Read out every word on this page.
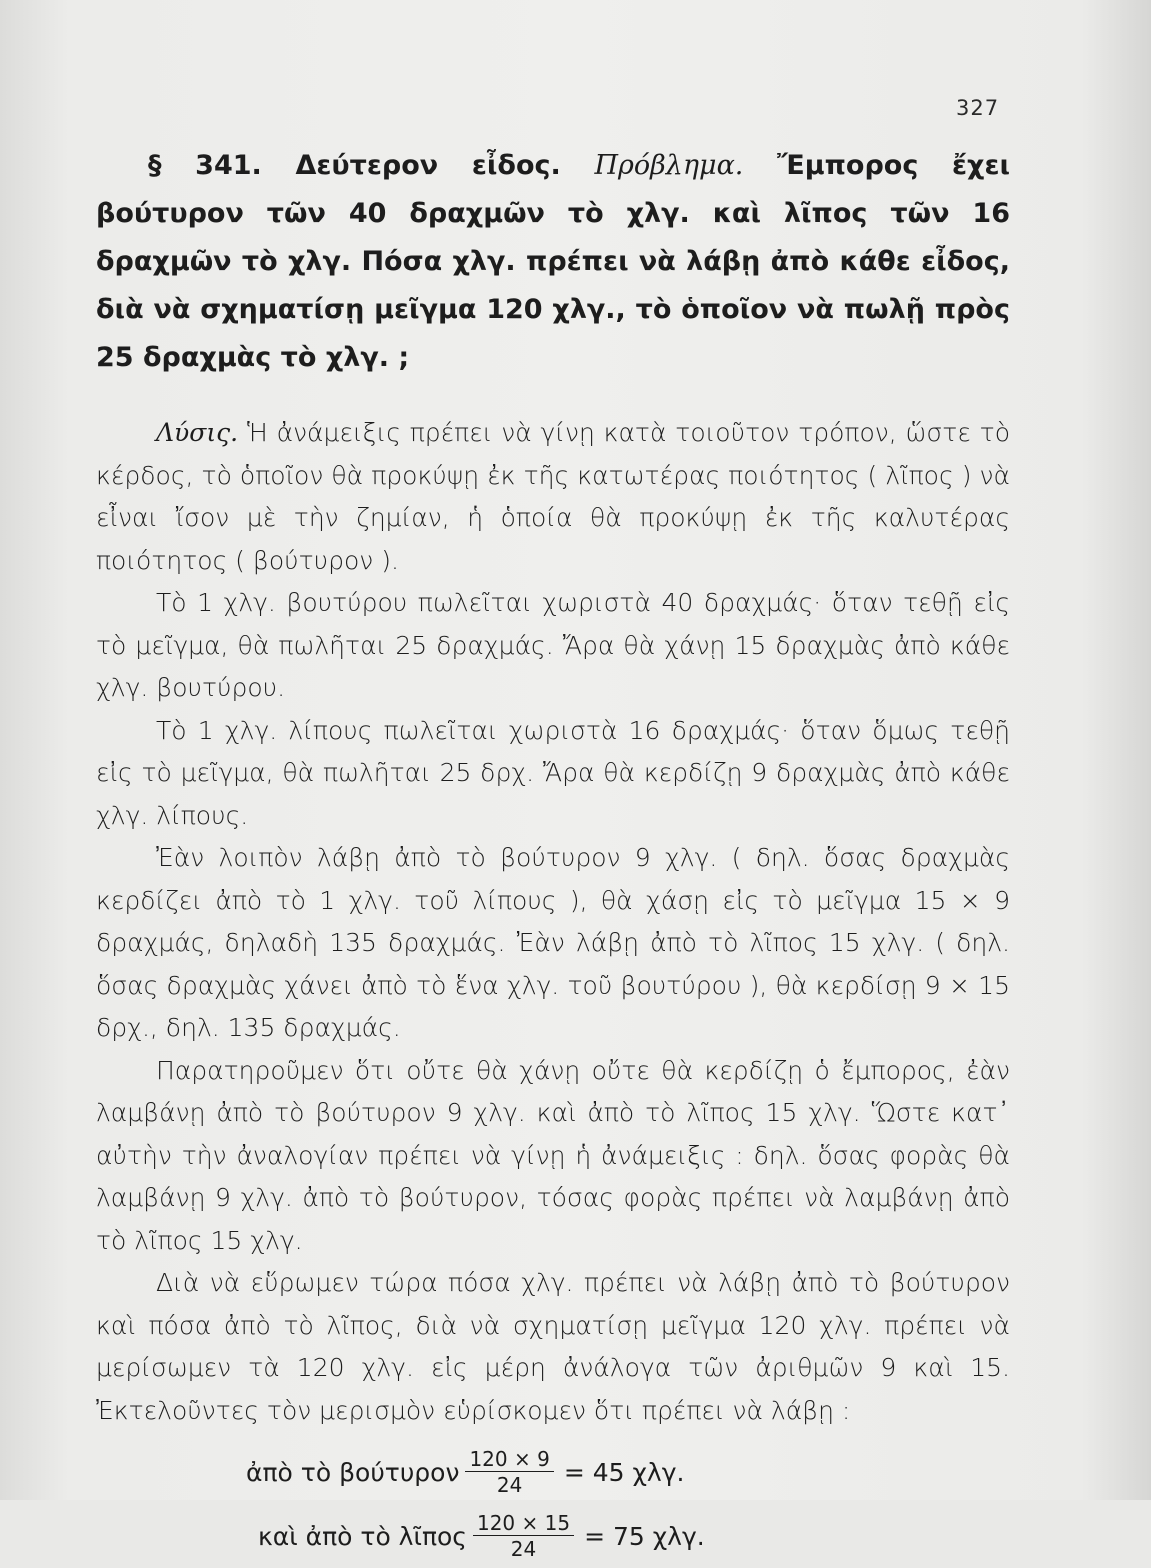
327

§ 341. Δεύτερον εἶδος. Πρόβλημα. Ἔμπορος ἔχει βούτυρον τῶν 40 δραχμῶν τὸ χλγ. καὶ λῖπος τῶν 16 δραχμῶν τὸ χλγ. Πόσα χλγ. πρέπει νὰ λάβῃ ἀπὸ κάθε εἶδος, διὰ νὰ σχηματίσῃ μεῖγμα 120 χλγ., τὸ ὁποῖον νὰ πωλῇ πρὸς 25 δραχμὰς τὸ χλγ. ;

Λύσις. Ἡ ἀνάμειξις πρέπει νὰ γίνῃ κατὰ τοιοῦτον τρόπον, ὥστε τὸ κέρδος, τὸ ὁποῖον θὰ προκύψῃ ἐκ τῆς κατωτέρας ποιότητος ( λῖπος ) νὰ εἶναι ἴσον μὲ τὴν ζημίαν, ἡ ὁποία θὰ προκύψῃ ἐκ τῆς καλυτέρας ποιότητος ( βούτυρον ).

Τὸ 1 χλγ. βουτύρου πωλεῖται χωριστὰ 40 δραχμάς· ὅταν τεθῇ εἰς τὸ μεῖγμα, θὰ πωλῆται 25 δραχμάς. Ἄρα θὰ χάνῃ 15 δραχμὰς ἀπὸ κάθε χλγ. βουτύρου.

Τὸ 1 χλγ. λίπους πωλεῖται χωριστὰ 16 δραχμάς· ὅταν ὅμως τεθῇ εἰς τὸ μεῖγμα, θὰ πωλῆται 25 δρχ. Ἄρα θὰ κερδίζῃ 9 δραχμὰς ἀπὸ κάθε χλγ. λίπους.

Ἐὰν λοιπὸν λάβῃ ἀπὸ τὸ βούτυρον 9 χλγ. ( δηλ. ὅσας δραχμὰς κερδίζει ἀπὸ τὸ 1 χλγ. τοῦ λίπους ), θὰ χάσῃ εἰς τὸ μεῖγμα 15 × 9 δραχμάς, δηλαδὴ 135 δραχμάς. Ἐὰν λάβῃ ἀπὸ τὸ λῖπος 15 χλγ. ( δηλ. ὅσας δραχμὰς χάνει ἀπὸ τὸ ἕνα χλγ. τοῦ βουτύρου ), θὰ κερδίσῃ 9 × 15 δρχ., δηλ. 135 δραχμάς.

Παρατηροῦμεν ὅτι οὔτε θὰ χάνῃ οὔτε θὰ κερδίζῃ ὁ ἔμπορος, ἐὰν λαμβάνῃ ἀπὸ τὸ βούτυρον 9 χλγ. καὶ ἀπὸ τὸ λῖπος 15 χλγ. Ὥστε κατ᾽ αὐτὴν τὴν ἀναλογίαν πρέπει νὰ γίνῃ ἡ ἀνάμειξις : δηλ. ὅσας φορὰς θὰ λαμβάνῃ 9 χλγ. ἀπὸ τὸ βούτυρον, τόσας φορὰς πρέπει νὰ λαμβάνῃ ἀπὸ τὸ λῖπος 15 χλγ.

Διὰ νὰ εὕρωμεν τώρα πόσα χλγ. πρέπει νὰ λάβῃ ἀπὸ τὸ βούτυρον καὶ πόσα ἀπὸ τὸ λῖπος, διὰ νὰ σχηματίσῃ μεῖγμα 120 χλγ. πρέπει νὰ μερίσωμεν τὰ 120 χλγ. εἰς μέρη ἀνάλογα τῶν ἀριθμῶν 9 καὶ 15. Ἐκτελοῦντες τὸν μερισμὸν εὑρίσκομεν ὅτι πρέπει νὰ λάβῃ :

ἀπὸ τὸ βούτυρον $\frac{120 \times 9}{24} = 45$ χλγ.
καὶ ἀπὸ τὸ λῖπος $\frac{120 \times 15}{24} = 75$ χλγ.
